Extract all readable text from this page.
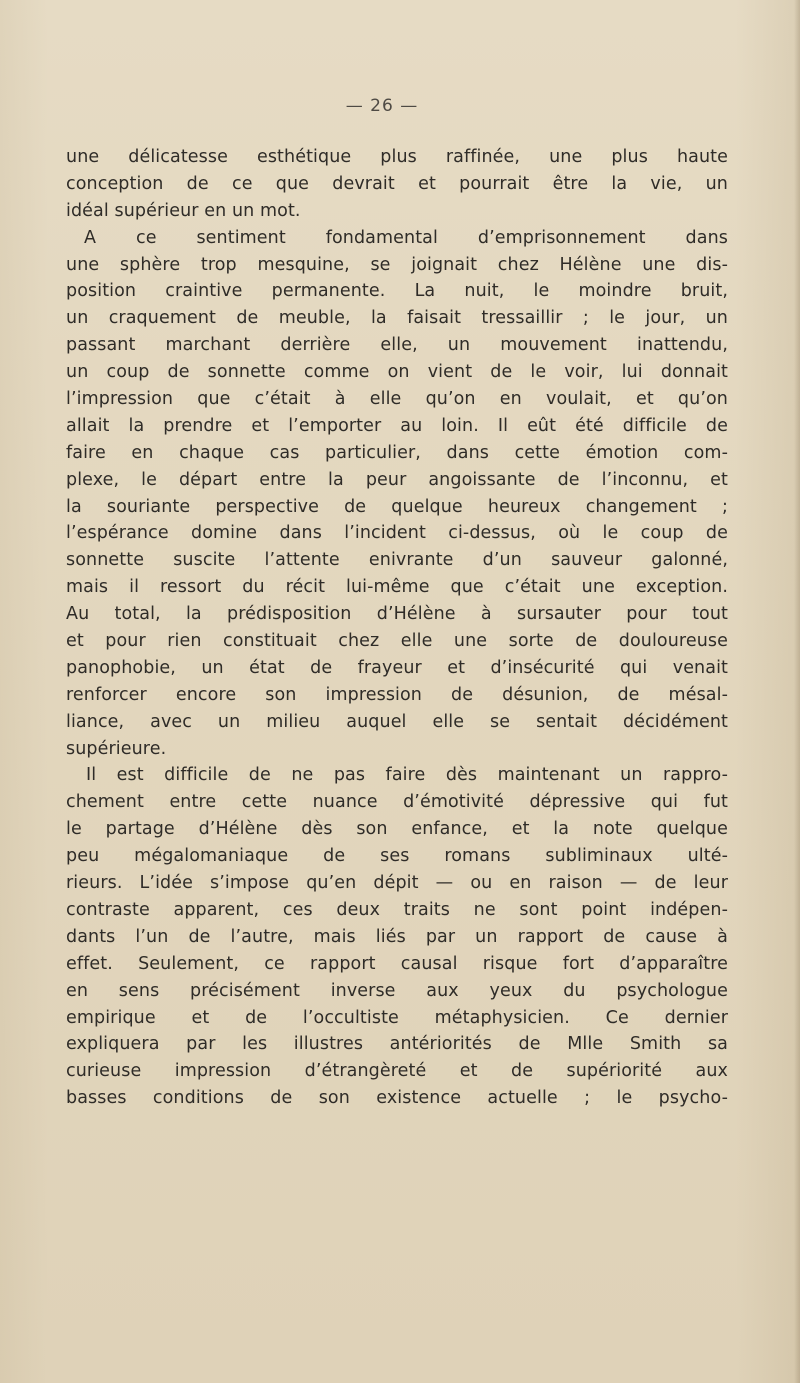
— 26 —
une délicatesse esthétique plus raffinée, une plus haute
conception de ce que devrait et pourrait être la vie, un
idéal supérieur en un mot.
A ce sentiment fondamental d’emprisonnement dans
une sphère trop mesquine, se joignait chez Hélène une dis-
position craintive permanente. La nuit, le moindre bruit,
un craquement de meuble, la faisait tressaillir ; le jour, un
passant marchant derrière elle, un mouvement inattendu,
un coup de sonnette comme on vient de le voir, lui donnait
l’impression que c’était à elle qu’on en voulait, et qu’on
allait la prendre et l’emporter au loin. Il eût été difficile de
faire en chaque cas particulier, dans cette émotion com-
plexe, le départ entre la peur angoissante de l’inconnu, et
la souriante perspective de quelque heureux changement ;
l’espérance domine dans l’incident ci-dessus, où le coup de
sonnette suscite l’attente enivrante d’un sauveur galonné,
mais il ressort du récit lui-même que c’était une exception.
Au total, la prédisposition d’Hélène à sursauter pour tout
et pour rien constituait chez elle une sorte de douloureuse
panophobie, un état de frayeur et d’insécurité qui venait
renforcer encore son impression de désunion, de mésal-
liance, avec un milieu auquel elle se sentait décidément
supérieure.
Il est difficile de ne pas faire dès maintenant un rappro-
chement entre cette nuance d’émotivité dépressive qui fut
le partage d’Hélène dès son enfance, et la note quelque
peu mégalomaniaque de ses romans subliminaux ulté-
rieurs. L’idée s’impose qu’en dépit — ou en raison — de leur
contraste apparent, ces deux traits ne sont point indépen-
dants l’un de l’autre, mais liés par un rapport de cause à
effet. Seulement, ce rapport causal risque fort d’apparaître
en sens précisément inverse aux yeux du psychologue
empirique et de l’occultiste métaphysicien. Ce dernier
expliquera par les illustres antériorités de Mlle Smith sa
curieuse impression d’étrangèreté et de supériorité aux
basses conditions de son existence actuelle ; le psycho-
